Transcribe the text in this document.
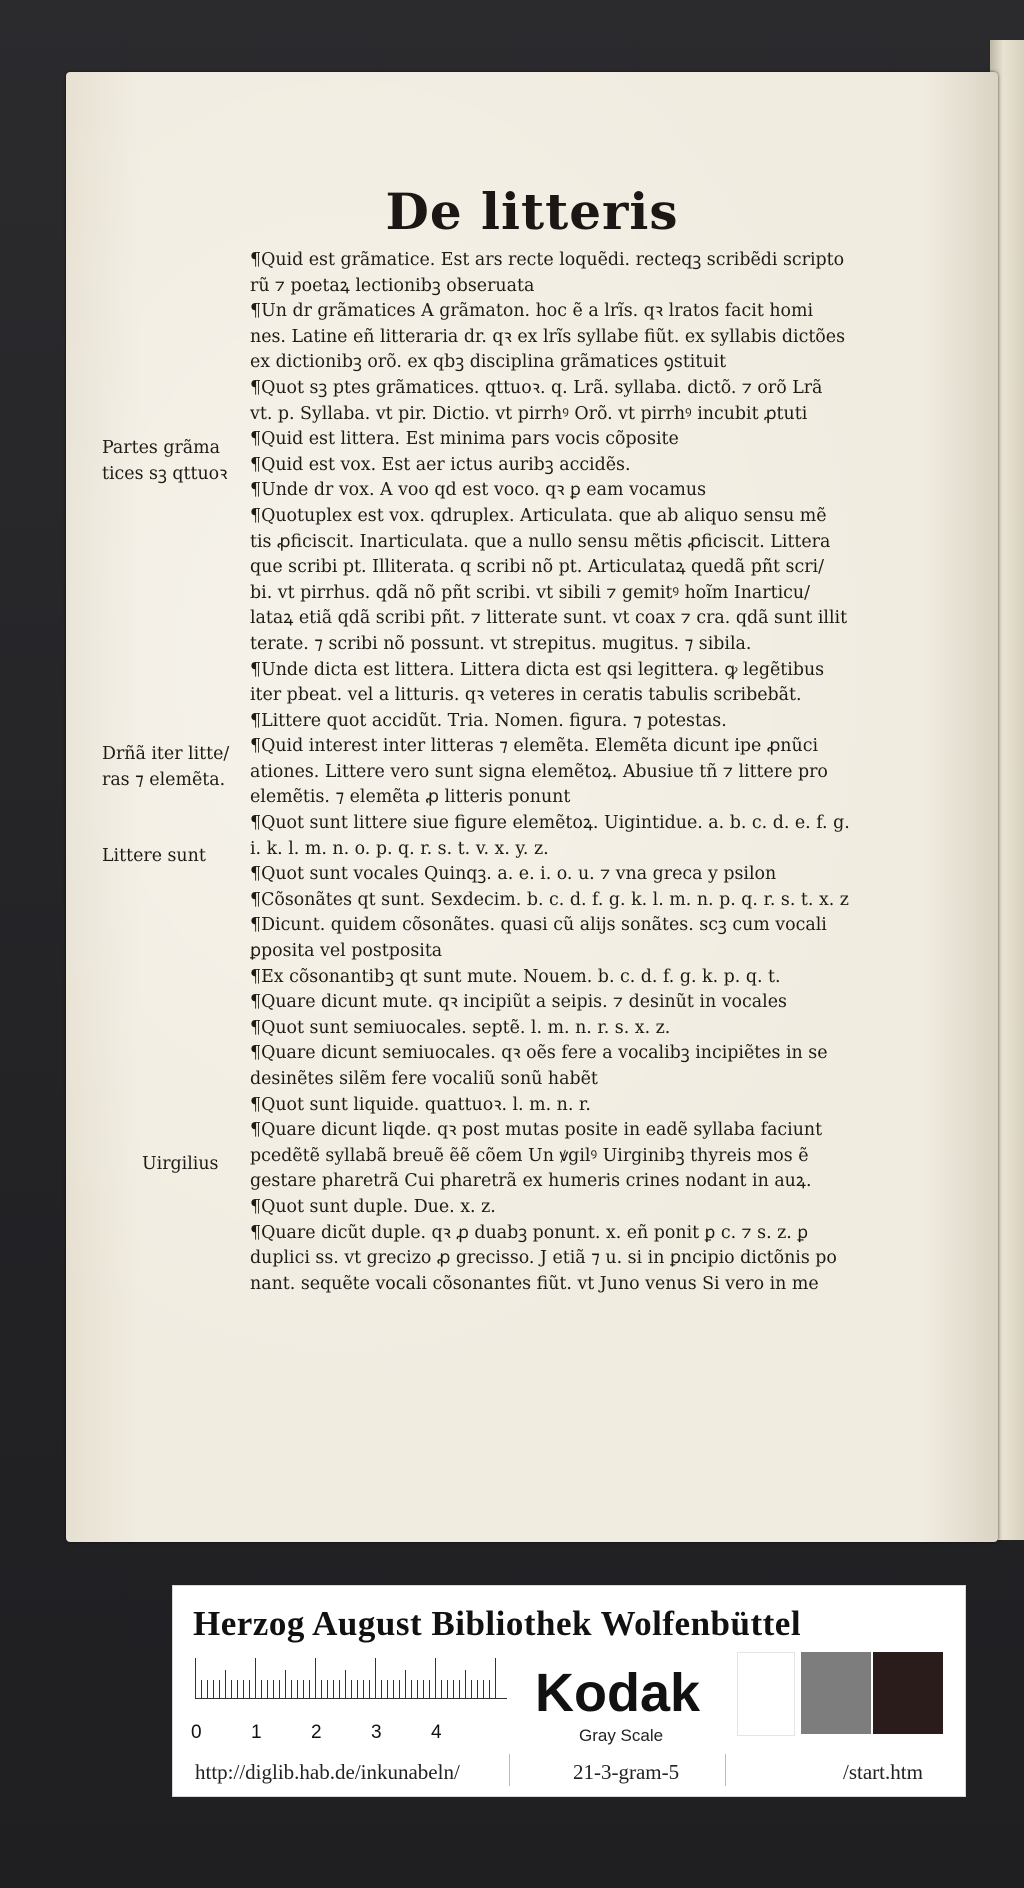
De litteris
Partes grãma
tices sꝫ qttuoꝛ
Drñã iter litte/
ras ⁊ elemẽta.
Littere sunt
Uirgilius
¶Quid est grãmatice. Est ars recte loquẽdi. recteqꝫ scribẽdi scripto
rũ ⁊ poetaꝝ lectionibꝫ obseruata
¶Un dr grãmatices A grãmaton. hoc ẽ a lrĩs. qꝛ lratos facit homi
nes. Latine eñ litteraria dr. qꝛ ex lrĩs syllabe fiũt. ex syllabis dictões
ex dictionibꝫ orõ. ex qbꝫ disciplina grãmatices ꝯstituit
¶Quot sꝫ ptes grãmatices. qttuoꝛ. q. Lrã. syllaba. dictõ. ⁊ orõ Lrã
vt. p. Syllaba. vt pir. Dictio. vt pirrhꝰ Orõ. vt pirrhꝰ incubit ꝓtuti
¶Quid est littera. Est minima pars vocis cõposite
¶Quid est vox. Est aer ictus auribꝫ accidẽs.
¶Unde dr vox. A voo qd est voco. qꝛ ꝑ eam vocamus
¶Quotuplex est vox. qdruplex. Articulata. que ab aliquo sensu mẽ
tis ꝓficiscit. Inarticulata. que a nullo sensu mẽtis ꝓficiscit. Littera
que scribi pt. Illiterata. q scribi nõ pt. Articulataꝝ quedã pñt scri/
bi. vt pirrhus. qdã nõ pñt scribi. vt sibili ⁊ gemitꝰ hoĩm Inarticu/
lataꝝ etiã qdã scribi pñt. ⁊ litterate sunt. vt coax ⁊ cra. qdã sunt illit
terate. ⁊ scribi nõ possunt. vt strepitus. mugitus. ⁊ sibila.
¶Unde dicta est littera. Littera dicta est qsi legittera. ꝙ legẽtibus
iter pbeat. vel a litturis. qꝛ veteres in ceratis tabulis scribebãt.
¶Littere quot accidũt. Tria. Nomen. figura. ⁊ potestas.
¶Quid interest inter litteras ⁊ elemẽta. Elemẽta dicunt ipe ꝓnũci
ationes. Littere vero sunt signa elemẽtoꝝ. Abusiue tñ ⁊ littere pro
elemẽtis. ⁊ elemẽta ꝓ litteris ponunt
¶Quot sunt littere siue figure elemẽtoꝝ. Uigintidue. a. b. c. d. e. f. g.
i. k. l. m. n. o. p. q. r. s. t. v. x. y. z.
¶Quot sunt vocales Quinqꝫ. a. e. i. o. u. ⁊ vna greca y psilon
¶Cõsonãtes qt sunt. Sexdecim. b. c. d. f. g. k. l. m. n. p. q. r. s. t. x. z
¶Dicunt. quidem cõsonãtes. quasi cũ alijs sonãtes. scꝫ cum vocali
ꝑposita vel postposita
¶Ex cõsonantibꝫ qt sunt mute. Nouem. b. c. d. f. g. k. p. q. t.
¶Quare dicunt mute. qꝛ incipiũt a seipis. ⁊ desinũt in vocales
¶Quot sunt semiuocales. septẽ. l. m. n. r. s. x. z.
¶Quare dicunt semiuocales. qꝛ oẽs fere a vocalibꝫ incipiẽtes in se
desinẽtes silẽm fere vocaliũ sonũ habẽt
¶Quot sunt liquide. quattuoꝛ. l. m. n. r.
¶Quare dicunt liqde. qꝛ post mutas posite in eadẽ syllaba faciunt
pcedẽtẽ syllabã breuẽ ẽẽ cõem Un ꝟgilꝰ Uirginibꝫ thyreis mos ẽ
gestare pharetrã Cui pharetrã ex humeris crines nodant in auꝝ.
¶Quot sunt duple. Due. x. z.
¶Quare dicũt duple. qꝛ ꝓ duabꝫ ponunt. x. eñ ponit ꝑ c. ⁊ s. z. ꝑ
duplici ss. vt grecizo ꝓ grecisso. J etiã ⁊ u. si in ꝑncipio dictõnis po
nant. sequẽte vocali cõsonantes fiũt. vt Juno venus Si vero in me
Herzog August Bibliothek Wolfenbüttel
0	1	2	3	4
Kodak
Gray Scale
http://diglib.hab.de/inkunabeln/	21-3-gram-5	/start.htm
